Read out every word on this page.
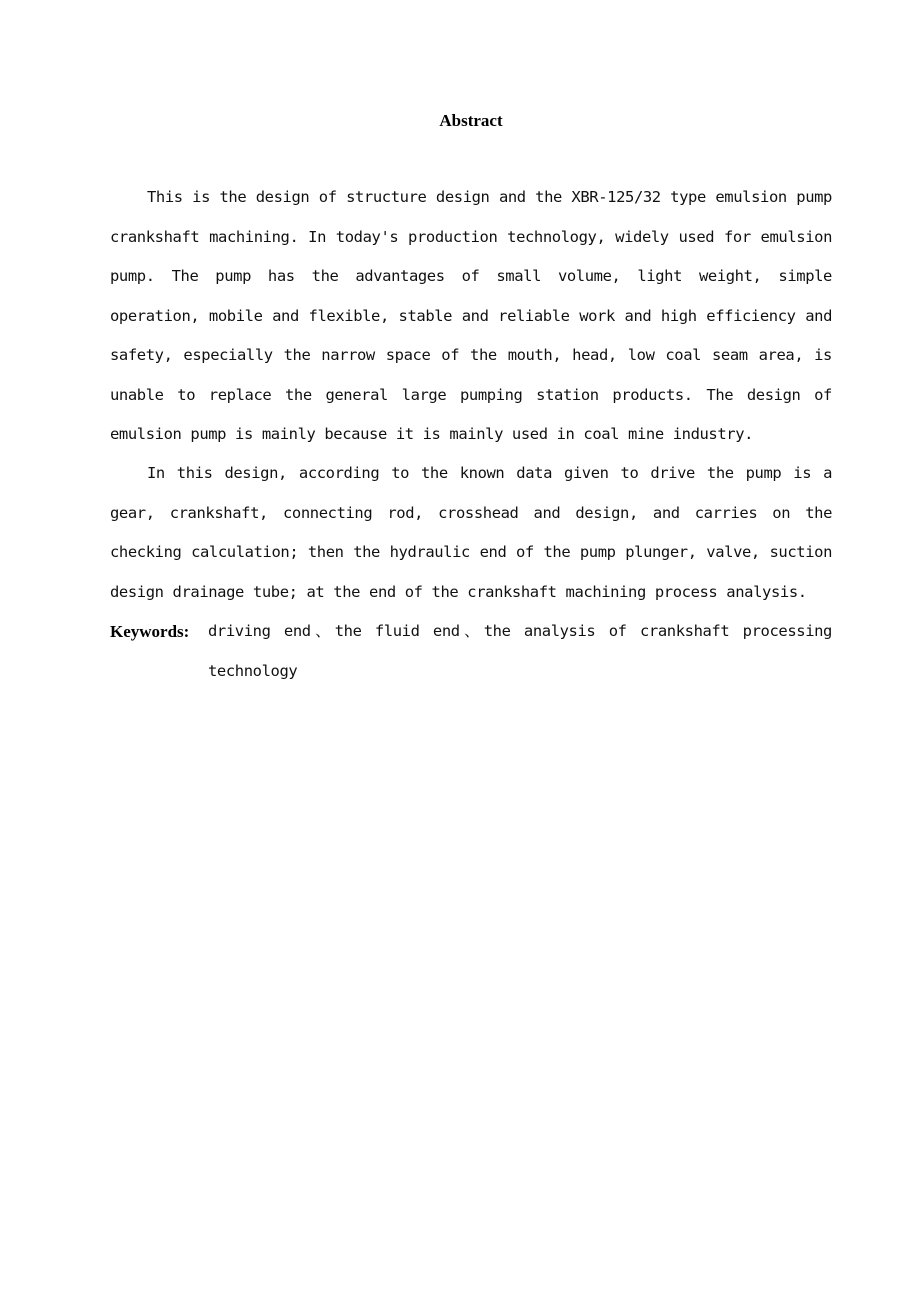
Abstract
This is the design of structure design and the XBR-125/32 type emulsion pump crankshaft machining. In today's production technology, widely used for emulsion pump. The pump has the advantages of small volume, light weight, simple operation, mobile and flexible, stable and reliable work and high efficiency and safety, especially the narrow space of the mouth, head, low coal seam area, is unable to replace the general large pumping station products. The design of emulsion pump is mainly because it is mainly used in coal mine industry.
In this design, according to the known data given to drive the pump is a gear, crankshaft, connecting rod, crosshead and design, and carries on the checking calculation; then the hydraulic end of the pump plunger, valve, suction design drainage tube; at the end of the crankshaft machining process analysis.
Keywords: driving end、the fluid end、the analysis of crankshaft processing technology
